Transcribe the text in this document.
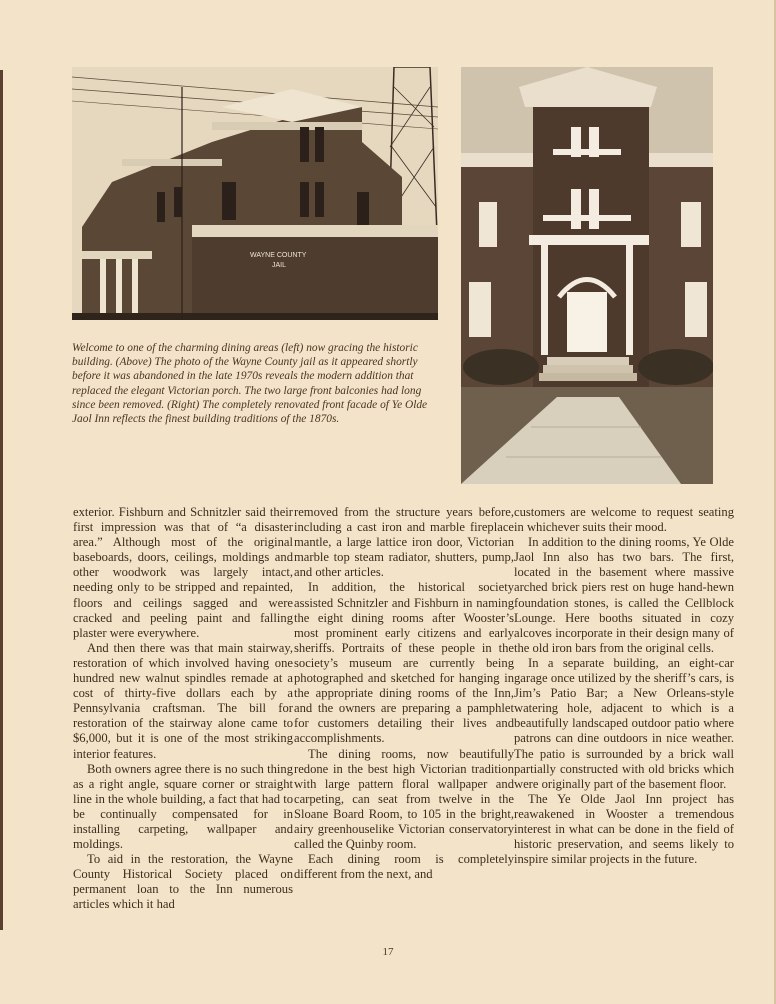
WAYNE COUNTY
JAIL

Welcome to one of the charming dining areas (left) now gracing the historic building. (Above) The photo of the Wayne County jail as it appeared shortly before it was abandoned in the late 1970s reveals the modern addition that replaced the elegant Victorian porch. The two large front balconies had long since been removed. (Right) The completely renovated front facade of Ye Olde Jaol Inn reflects the finest building traditions of the 1870s.

exterior. Fishburn and Schnitzler said their first impression was that of “a disaster area.” Although most of the original baseboards, doors, ceilings, moldings and other woodwork was largely intact, needing only to be stripped and repainted, floors and ceilings sagged and were cracked and peeling paint and falling plaster were everywhere.

And then there was that main stairway, restoration of which involved having one hundred new walnut spindles remade at a cost of thirty-five dollars each by a Pennsylvania craftsman. The bill for restoration of the stairway alone came to $6,000, but it is one of the most striking interior features.

Both owners agree there is no such thing as a right angle, square corner or straight line in the whole building, a fact that had to be continually compensated for in installing carpeting, wallpaper and moldings.

To aid in the restoration, the Wayne County Historical Society placed on permanent loan to the Inn numerous articles which it had

removed from the structure years before, including a cast iron and marble fireplace mantle, a large lattice iron door, Victorian marble top steam radiator, shutters, pump, and other articles.

In addition, the historical society assisted Schnitzler and Fishburn in naming the eight dining rooms after Wooster’s most prominent early citizens and early sheriffs. Portraits of these people in the society’s museum are currently being photographed and sketched for hanging in the appropriate dining rooms of the Inn, and the owners are preparing a pamphlet for customers detailing their lives and accomplishments.

The dining rooms, now beautifully redone in the best high Victorian tradition with large pattern floral wallpaper and carpeting, can seat from twelve in the Sloane Board Room, to 105 in the bright, airy greenhouselike Victorian conservatory called the Quinby room.

Each dining room is completely different from the next, and

customers are welcome to request seating in whichever suits their mood.

In addition to the dining rooms, Ye Olde Jaol Inn also has two bars. The first, located in the basement where massive arched brick piers rest on huge hand-hewn foundation stones, is called the Cellblock Lounge. Here booths situated in cozy alcoves incorporate in their design many of the old iron bars from the original cells.

In a separate building, an eight-car garage once utilized by the sheriff’s cars, is Jim’s Patio Bar; a New Orleans-style watering hole, adjacent to which is a beautifully landscaped outdoor patio where patrons can dine outdoors in nice weather. The patio is surrounded by a brick wall partially constructed with old bricks which were originally part of the basement floor.

The Ye Olde Jaol Inn project has reawakened in Wooster a tremendous interest in what can be done in the field of historic preservation, and seems likely to inspire similar projects in the future.

17
